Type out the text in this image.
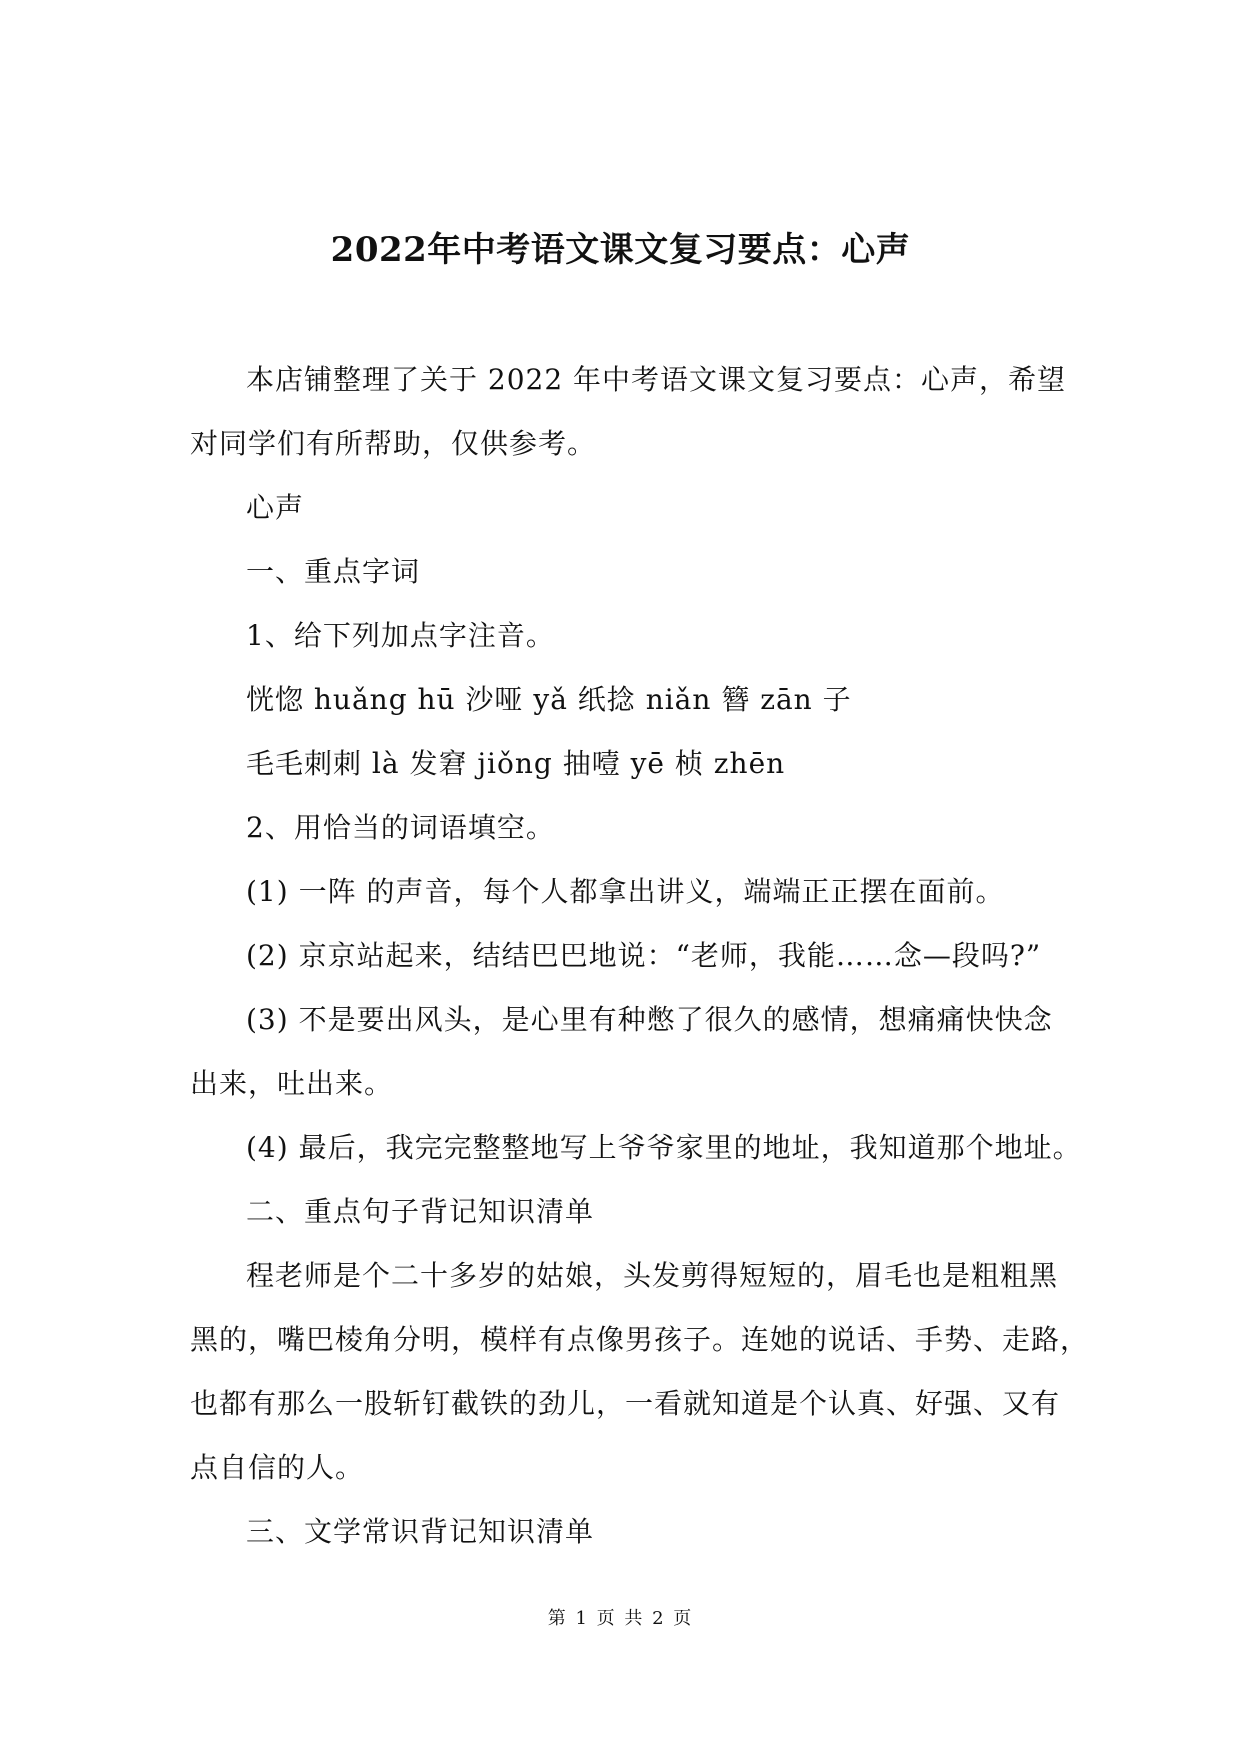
2022年中考语文课文复习要点：心声
本店铺整理了关于 2022 年中考语文课文复习要点：心声，希望
对同学们有所帮助，仅供参考。
心声
一、重点字词
1、给下列加点字注音。
恍惚 huǎng hū 沙哑 yǎ 纸捻 niǎn 簪 zān 子
毛毛刺刺 là 发窘 jiǒng 抽噎 yē 桢 zhēn
2、用恰当的词语填空。
(1) 一阵 的声音，每个人都拿出讲义，端端正正摆在面前。
(2) 京京站起来，结结巴巴地说：“老师，我能……念—段吗?”
(3) 不是要出风头，是心里有种憋了很久的感情，想痛痛快快念
出来，吐出来。
(4) 最后，我完完整整地写上爷爷家里的地址，我知道那个地址。
二、重点句子背记知识清单
程老师是个二十多岁的姑娘，头发剪得短短的，眉毛也是粗粗黑
黑的，嘴巴棱角分明，模样有点像男孩子。连她的说话、手势、走路，
也都有那么一股斩钉截铁的劲儿，一看就知道是个认真、好强、又有
点自信的人。
三、文学常识背记知识清单
第 1 页 共 2 页
